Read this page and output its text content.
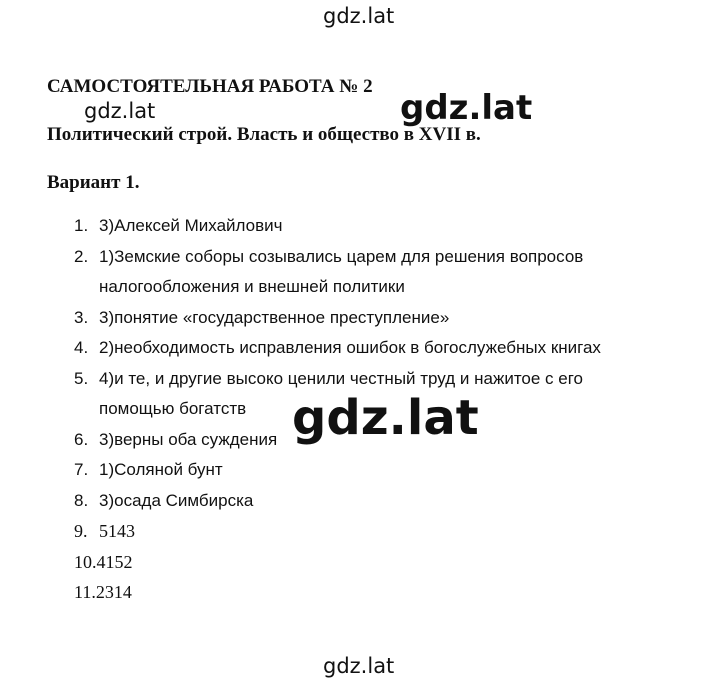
gdz.lat
gdz.lat	gdz.lat
САМОСТОЯТЕЛЬНАЯ РАБОТА № 2
Политический строй. Власть и общество в XVII в.
Вариант 1.
1. 3)Алексей Михайлович
2. 1)Земские соборы созывались царем для решения вопросов
налогообложения и внешней политики
3. 3)понятие «государственное преступление»
4. 2)необходимость исправления ошибок в богослужебных книгах
5. 4)и те, и другие высоко ценили честный труд и нажитое с его
помощью богатств
6. 3)верны оба суждения
7. 1)Соляной бунт
8. 3)осада Симбирска
9. 5143
10.4152
11.2314
gdz.lat
gdz.lat
